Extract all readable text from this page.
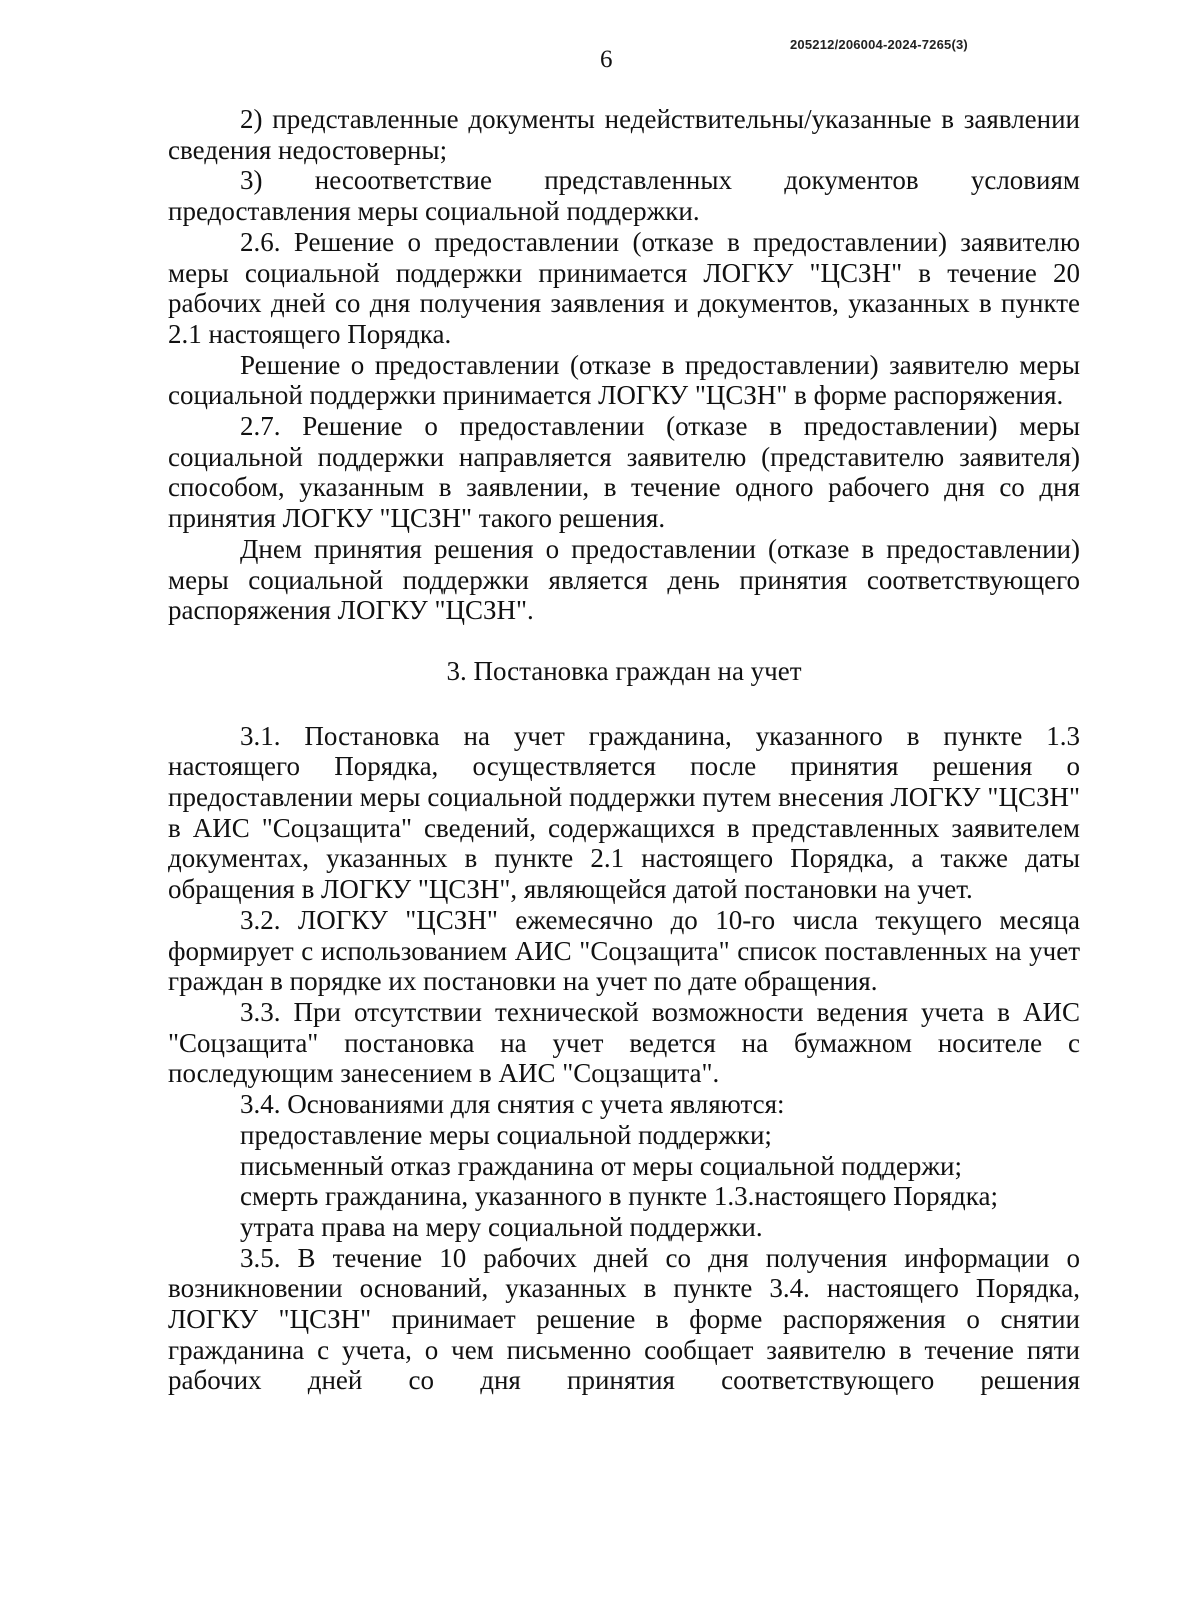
205212/206004-2024-7265(3)
6

2) представленные документы недействительны/указанные в заявлении сведения недостоверны;

3) несоответствие представленных документов условиям предоставления меры социальной поддержки.

2.6. Решение о предоставлении (отказе в предоставлении) заявителю меры социальной поддержки принимается ЛОГКУ "ЦСЗН" в течение 20 рабочих дней со дня получения заявления и документов, указанных в пункте 2.1 настоящего Порядка.

Решение о предоставлении (отказе в предоставлении) заявителю меры социальной поддержки принимается ЛОГКУ "ЦСЗН" в форме распоряжения.

2.7. Решение о предоставлении (отказе в предоставлении) меры социальной поддержки направляется заявителю (представителю заявителя) способом, указанным в заявлении, в течение одного рабочего дня со дня принятия ЛОГКУ "ЦСЗН" такого решения.

Днем принятия решения о предоставлении (отказе в предоставлении) меры социальной поддержки является день принятия соответствующего распоряжения ЛОГКУ "ЦСЗН".

3. Постановка граждан на учет

3.1. Постановка на учет гражданина, указанного в пункте 1.3 настоящего Порядка, осуществляется после принятия решения о предоставлении меры социальной поддержки путем внесения ЛОГКУ "ЦСЗН" в АИС "Соцзащита" сведений, содержащихся в представленных заявителем документах, указанных в пункте 2.1 настоящего Порядка, а также даты обращения в ЛОГКУ "ЦСЗН", являющейся датой постановки на учет.

3.2. ЛОГКУ "ЦСЗН" ежемесячно до 10-го числа текущего месяца формирует с использованием АИС "Соцзащита" список поставленных на учет граждан в порядке их постановки на учет по дате обращения.

3.3. При отсутствии технической возможности ведения учета в АИС "Соцзащита" постановка на учет ведется на бумажном носителе с последующим занесением в АИС "Соцзащита".

3.4. Основаниями для снятия с учета являются:

предоставление меры социальной поддержки;

письменный отказ гражданина от меры социальной поддержи;

смерть гражданина, указанного в пункте 1.3.настоящего Порядка;

утрата права на меру социальной поддержки.

3.5. В течение 10 рабочих дней со дня получения информации о возникновении оснований, указанных в пункте 3.4. настоящего Порядка, ЛОГКУ "ЦСЗН" принимает решение в форме распоряжения о снятии гражданина с учета, о чем письменно сообщает заявителю в течение пяти рабочих дней со дня принятия соответствующего решения
